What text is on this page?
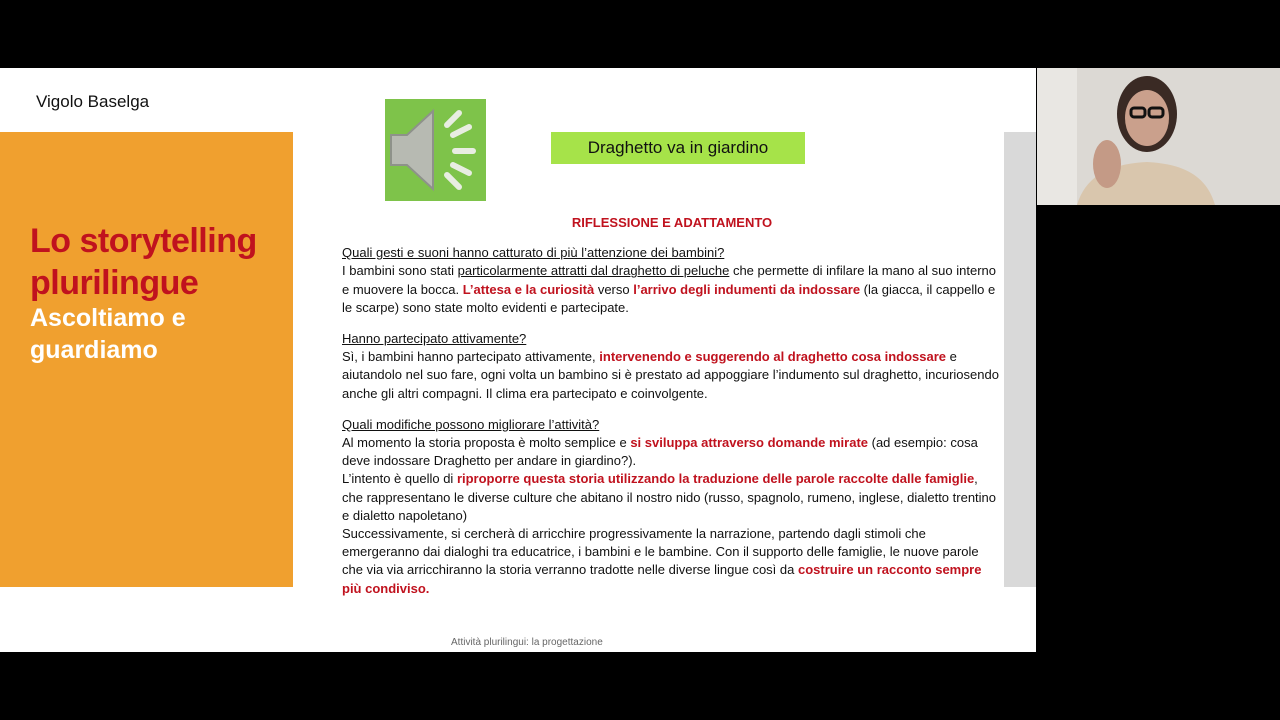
Vigolo Baselga
Lo storytelling plurilingue
Ascoltiamo e guardiamo
Draghetto va in giardino
RIFLESSIONE E ADATTAMENTO
Quali gesti e suoni hanno catturato di più l’attenzione dei bambini?
I bambini sono stati particolarmente attratti dal draghetto di peluche che permette di infilare la mano al suo interno e muovere la bocca. L’attesa e la curiosità verso l’arrivo degli indumenti da indossare (la giacca, il cappello e le scarpe) sono state molto evidenti e partecipate.
Hanno partecipato attivamente?
Sì, i bambini hanno partecipato attivamente, intervenendo e suggerendo al draghetto cosa indossare e aiutandolo nel suo fare, ogni volta un bambino si è prestato ad appoggiare l’indumento sul draghetto, incuriosendo anche gli altri compagni. Il clima era partecipato e coinvolgente.
Quali modifiche possono migliorare l’attività?
Al momento la storia proposta è molto semplice e si sviluppa attraverso domande mirate (ad esempio: cosa deve indossare Draghetto per andare in giardino?).
L’intento è quello di riproporre questa storia utilizzando la traduzione delle parole raccolte dalle famiglie, che rappresentano le diverse culture che abitano il nostro nido (russo, spagnolo, rumeno, inglese, dialetto trentino e dialetto napoletano)
Successivamente, si cercherà di arricchire progressivamente la narrazione, partendo dagli stimoli che emergeranno dai dialoghi tra educatrice, i bambini e le bambine. Con il supporto delle famiglie, le nuove parole che via via arricchiranno la storia verranno tradotte nelle diverse lingue così da costruire un racconto sempre più condiviso.
Attività plurilingui: la progettazione
